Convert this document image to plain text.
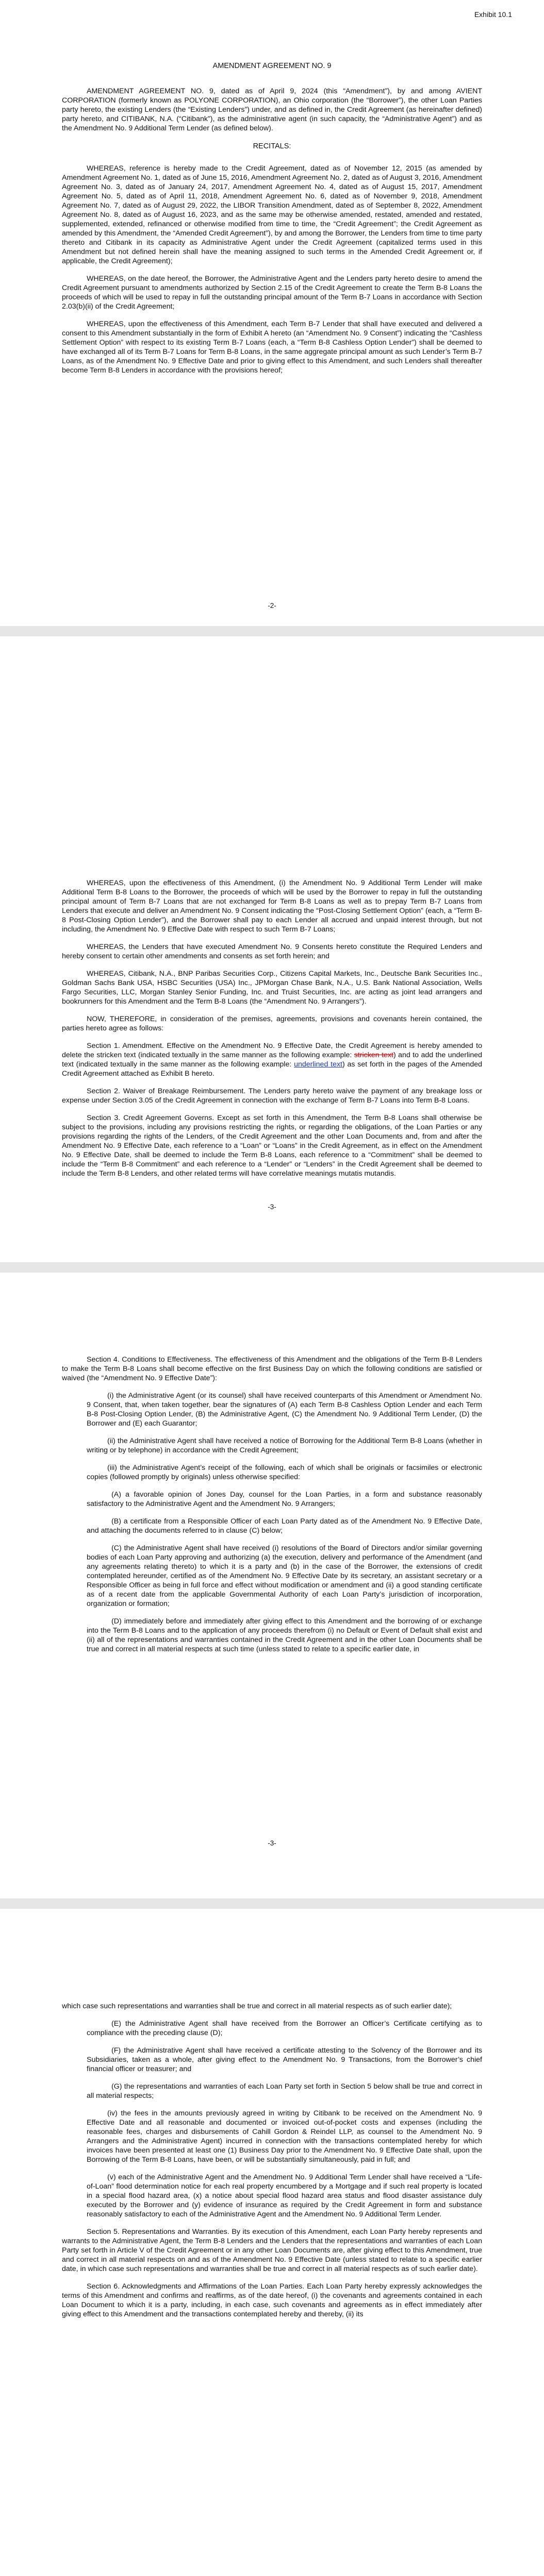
Exhibit 10.1
AMENDMENT AGREEMENT NO. 9

AMENDMENT AGREEMENT NO. 9, dated as of April 9, 2024 (this “Amendment”), by and among AVIENT CORPORATION (formerly known as POLYONE CORPORATION), an Ohio corporation (the “Borrower”), the other Loan Parties party hereto, the existing Lenders (the “Existing Lenders”) under, and as defined in, the Credit Agreement (as hereinafter defined) party hereto, and CITIBANK, N.A. (“Citibank”), as the administrative agent (in such capacity, the “Administrative Agent”) and as the Amendment No. 9 Additional Term Lender (as defined below).

RECITALS:

WHEREAS, reference is hereby made to the Credit Agreement, dated as of November 12, 2015 (as amended by Amendment Agreement No. 1, dated as of June 15, 2016, Amendment Agreement No. 2, dated as of August 3, 2016, Amendment Agreement No. 3, dated as of January 24, 2017, Amendment Agreement No. 4, dated as of August 15, 2017, Amendment Agreement No. 5, dated as of April 11, 2018, Amendment Agreement No. 6, dated as of November 9, 2018, Amendment Agreement No. 7, dated as of August 29, 2022, the LIBOR Transition Amendment, dated as of September 8, 2022, Amendment Agreement No. 8, dated as of August 16, 2023, and as the same may be otherwise amended, restated, amended and restated, supplemented, extended, refinanced or otherwise modified from time to time, the “Credit Agreement”; the Credit Agreement as amended by this Amendment, the “Amended Credit Agreement”), by and among the Borrower, the Lenders from time to time party thereto and Citibank in its capacity as Administrative Agent under the Credit Agreement (capitalized terms used in this Amendment but not defined herein shall have the meaning assigned to such terms in the Amended Credit Agreement or, if applicable, the Credit Agreement);

WHEREAS, on the date hereof, the Borrower, the Administrative Agent and the Lenders party hereto desire to amend the Credit Agreement pursuant to amendments authorized by Section 2.15 of the Credit Agreement to create the Term B-8 Loans the proceeds of which will be used to repay in full the outstanding principal amount of the Term B-7 Loans in accordance with Section 2.03(b)(ii) of the Credit Agreement;

WHEREAS, upon the effectiveness of this Amendment, each Term B-7 Lender that shall have executed and delivered a consent to this Amendment substantially in the form of Exhibit A hereto (an “Amendment No. 9 Consent”) indicating the “Cashless Settlement Option” with respect to its existing Term B-7 Loans (each, a “Term B-8 Cashless Option Lender”) shall be deemed to have exchanged all of its Term B-7 Loans for Term B-8 Loans, in the same aggregate principal amount as such Lender’s Term B-7 Loans, as of the Amendment No. 9 Effective Date and prior to giving effect to this Amendment, and such Lenders shall thereafter become Term B-8 Lenders in accordance with the provisions hereof;

-2-

WHEREAS, upon the effectiveness of this Amendment, (i) the Amendment No. 9 Additional Term Lender will make Additional Term B-8 Loans to the Borrower, the proceeds of which will be used by the Borrower to repay in full the outstanding principal amount of Term B-7 Loans that are not exchanged for Term B-8 Loans as well as to prepay Term B-7 Loans from Lenders that execute and deliver an Amendment No. 9 Consent indicating the “Post-Closing Settlement Option” (each, a “Term B-8 Post-Closing Option Lender”), and the Borrower shall pay to each Lender all accrued and unpaid interest through, but not including, the Amendment No. 9 Effective Date with respect to such Term B-7 Loans;

WHEREAS, the Lenders that have executed Amendment No. 9 Consents hereto constitute the Required Lenders and hereby consent to certain other amendments and consents as set forth herein; and

WHEREAS, Citibank, N.A., BNP Paribas Securities Corp., Citizens Capital Markets, Inc., Deutsche Bank Securities Inc., Goldman Sachs Bank USA, HSBC Securities (USA) Inc., JPMorgan Chase Bank, N.A., U.S. Bank National Association, Wells Fargo Securities, LLC, Morgan Stanley Senior Funding, Inc. and Truist Securities, Inc. are acting as joint lead arrangers and bookrunners for this Amendment and the Term B-8 Loans (the “Amendment No. 9 Arrangers”).

NOW, THEREFORE, in consideration of the premises, agreements, provisions and covenants herein contained, the parties hereto agree as follows:

Section 1. Amendment. Effective on the Amendment No. 9 Effective Date, the Credit Agreement is hereby amended to delete the stricken text (indicated textually in the same manner as the following example: stricken text) and to add the underlined text (indicated textually in the same manner as the following example: underlined text) as set forth in the pages of the Amended Credit Agreement attached as Exhibit B hereto.

Section 2. Waiver of Breakage Reimbursement. The Lenders party hereto waive the payment of any breakage loss or expense under Section 3.05 of the Credit Agreement in connection with the exchange of Term B-7 Loans into Term B-8 Loans.

Section 3. Credit Agreement Governs. Except as set forth in this Amendment, the Term B-8 Loans shall otherwise be subject to the provisions, including any provisions restricting the rights, or regarding the obligations, of the Loan Parties or any provisions regarding the rights of the Lenders, of the Credit Agreement and the other Loan Documents and, from and after the Amendment No. 9 Effective Date, each reference to a “Loan” or “Loans” in the Credit Agreement, as in effect on the Amendment No. 9 Effective Date, shall be deemed to include the Term B-8 Loans, each reference to a “Commitment” shall be deemed to include the “Term B-8 Commitment” and each reference to a “Lender” or “Lenders” in the Credit Agreement shall be deemed to include the Term B-8 Lenders, and other related terms will have correlative meanings mutatis mutandis.

-3-

Section 4. Conditions to Effectiveness. The effectiveness of this Amendment and the obligations of the Term B-8 Lenders to make the Term B-8 Loans shall become effective on the first Business Day on which the following conditions are satisfied or waived (the “Amendment No. 9 Effective Date”):

(i) the Administrative Agent (or its counsel) shall have received counterparts of this Amendment or Amendment No. 9 Consent, that, when taken together, bear the signatures of (A) each Term B-8 Cashless Option Lender and each Term B-8 Post-Closing Option Lender, (B) the Administrative Agent, (C) the Amendment No. 9 Additional Term Lender, (D) the Borrower and (E) each Guarantor;

(ii) the Administrative Agent shall have received a notice of Borrowing for the Additional Term B-8 Loans (whether in writing or by telephone) in accordance with the Credit Agreement;

(iii) the Administrative Agent’s receipt of the following, each of which shall be originals or facsimiles or electronic copies (followed promptly by originals) unless otherwise specified:

(A) a favorable opinion of Jones Day, counsel for the Loan Parties, in a form and substance reasonably satisfactory to the Administrative Agent and the Amendment No. 9 Arrangers;

(B) a certificate from a Responsible Officer of each Loan Party dated as of the Amendment No. 9 Effective Date, and attaching the documents referred to in clause (C) below;

(C) the Administrative Agent shall have received (i) resolutions of the Board of Directors and/or similar governing bodies of each Loan Party approving and authorizing (a) the execution, delivery and performance of the Amendment (and any agreements relating thereto) to which it is a party and (b) in the case of the Borrower, the extensions of credit contemplated hereunder, certified as of the Amendment No. 9 Effective Date by its secretary, an assistant secretary or a Responsible Officer as being in full force and effect without modification or amendment and (ii) a good standing certificate as of a recent date from the applicable Governmental Authority of each Loan Party’s jurisdiction of incorporation, organization or formation;

(D) immediately before and immediately after giving effect to this Amendment and the borrowing of or exchange into the Term B-8 Loans and to the application of any proceeds therefrom (i) no Default or Event of Default shall exist and (ii) all of the representations and warranties contained in the Credit Agreement and in the other Loan Documents shall be true and correct in all material respects at such time (unless stated to relate to a specific earlier date, in

-3-

which case such representations and warranties shall be true and correct in all material respects as of such earlier date);

(E) the Administrative Agent shall have received from the Borrower an Officer’s Certificate certifying as to compliance with the preceding clause (D);

(F) the Administrative Agent shall have received a certificate attesting to the Solvency of the Borrower and its Subsidiaries, taken as a whole, after giving effect to the Amendment No. 9 Transactions, from the Borrower’s chief financial officer or treasurer; and

(G) the representations and warranties of each Loan Party set forth in Section 5 below shall be true and correct in all material respects;

(iv) the fees in the amounts previously agreed in writing by Citibank to be received on the Amendment No. 9 Effective Date and all reasonable and documented or invoiced out-of-pocket costs and expenses (including the reasonable fees, charges and disbursements of Cahill Gordon & Reindel LLP, as counsel to the Amendment No. 9 Arrangers and the Administrative Agent) incurred in connection with the transactions contemplated hereby for which invoices have been presented at least one (1) Business Day prior to the Amendment No. 9 Effective Date shall, upon the Borrowing of the Term B-8 Loans, have been, or will be substantially simultaneously, paid in full; and

(v) each of the Administrative Agent and the Amendment No. 9 Additional Term Lender shall have received a “Life-of-Loan” flood determination notice for each real property encumbered by a Mortgage and if such real property is located in a special flood hazard area, (x) a notice about special flood hazard area status and flood disaster assistance duly executed by the Borrower and (y) evidence of insurance as required by the Credit Agreement in form and substance reasonably satisfactory to each of the Administrative Agent and the Amendment No. 9 Additional Term Lender.

Section 5. Representations and Warranties. By its execution of this Amendment, each Loan Party hereby represents and warrants to the Administrative Agent, the Term B-8 Lenders and the Lenders that the representations and warranties of each Loan Party set forth in Article V of the Credit Agreement or in any other Loan Documents are, after giving effect to this Amendment, true and correct in all material respects on and as of the Amendment No. 9 Effective Date (unless stated to relate to a specific earlier date, in which case such representations and warranties shall be true and correct in all material respects as of such earlier date).

Section 6. Acknowledgments and Affirmations of the Loan Parties. Each Loan Party hereby expressly acknowledges the terms of this Amendment and confirms and reaffirms, as of the date hereof, (i) the covenants and agreements contained in each Loan Document to which it is a party, including, in each case, such covenants and agreements as in effect immediately after giving effect to this Amendment and the transactions contemplated hereby and thereby, (ii) its
